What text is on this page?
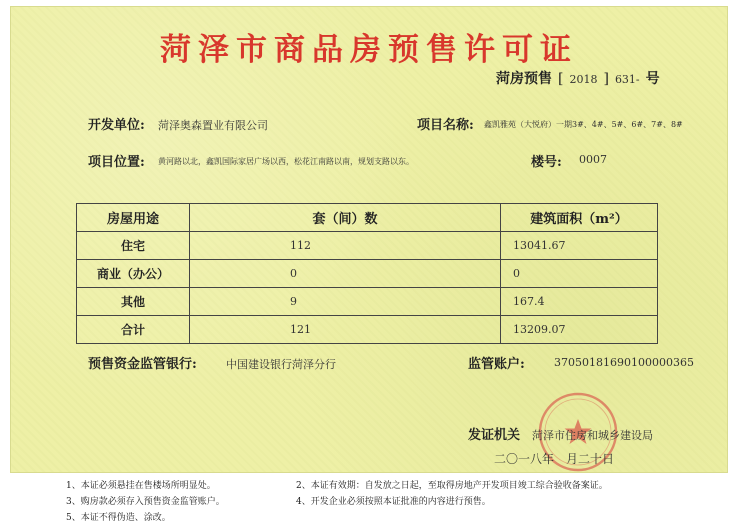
菏泽市商品房预售许可证
菏房预售 [ 2018 ] 631- 号
开发单位: 菏泽奥森置业有限公司	项目名称: 鑫凯雅苑（大悦府）一期3#、4#、5#、6#、7#、8#
项目位置: 黄河路以北，鑫凯国际家居广场以西，松花江南路以南，规划支路以东。	楼号: 0007
房屋用途	套（间）数	建筑面积（m²）
住宅	112	13041.67
商业（办公）	0	0
其他	9	167.4
合计	121	13209.07
预售资金监管银行:	中国建设银行菏泽分行	监管账户:	37050181690100000365
发证机关 菏泽市住房和城乡建设局
二〇一八年　月二十日
1、本证必须悬挂在售楼场所明显处。	2、本证有效期：自发放之日起，至取得房地产开发项目竣工综合验收备案证。
3、购房款必须存入预售资金监管账户。	4、开发企业必须按照本证批准的内容进行预售。
5、本证不得伪造、涂改。
